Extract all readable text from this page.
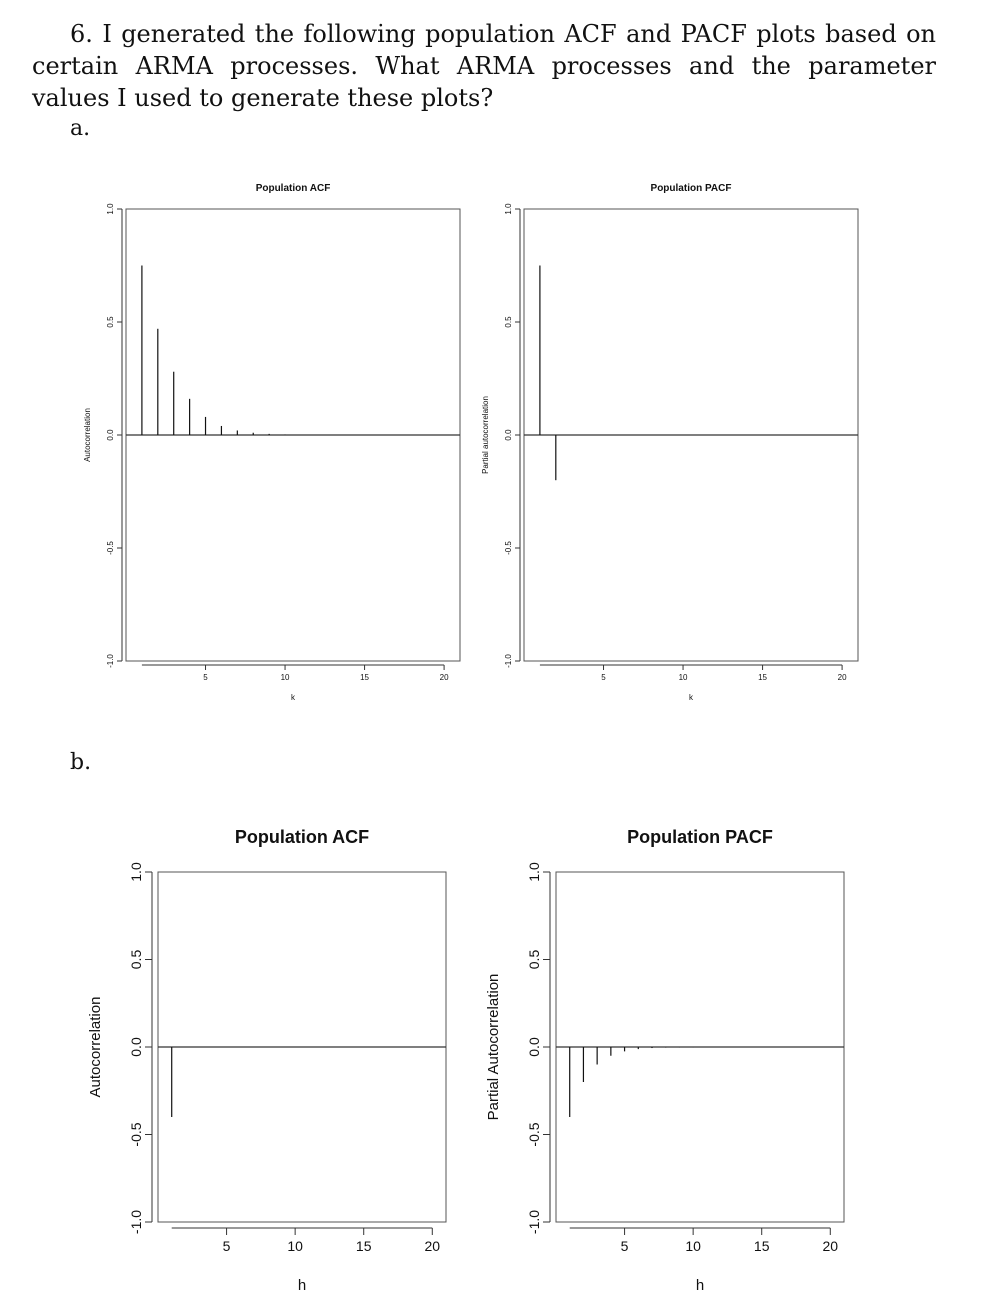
6. I generated the following population ACF and PACF plots based on certain ARMA processes. What ARMA processes and the parameter values I used to generate these plots?

a.
b.
Population ACF
-1.0
-0.5
0.0
0.5
1.0
Autocorrelation
5	10	15	20
k
Population PACF
-1.0
-0.5
0.0
0.5
1.0
Partial autocorrelation
5	10	15	20
k
Population ACF
-1.0
-0.5
0.0
0.5
1.0
Autocorrelation
5	10	15	20
h
Population PACF
-1.0
-0.5
0.0
0.5
1.0
Partial Autocorrelation
5	10	15	20
h
